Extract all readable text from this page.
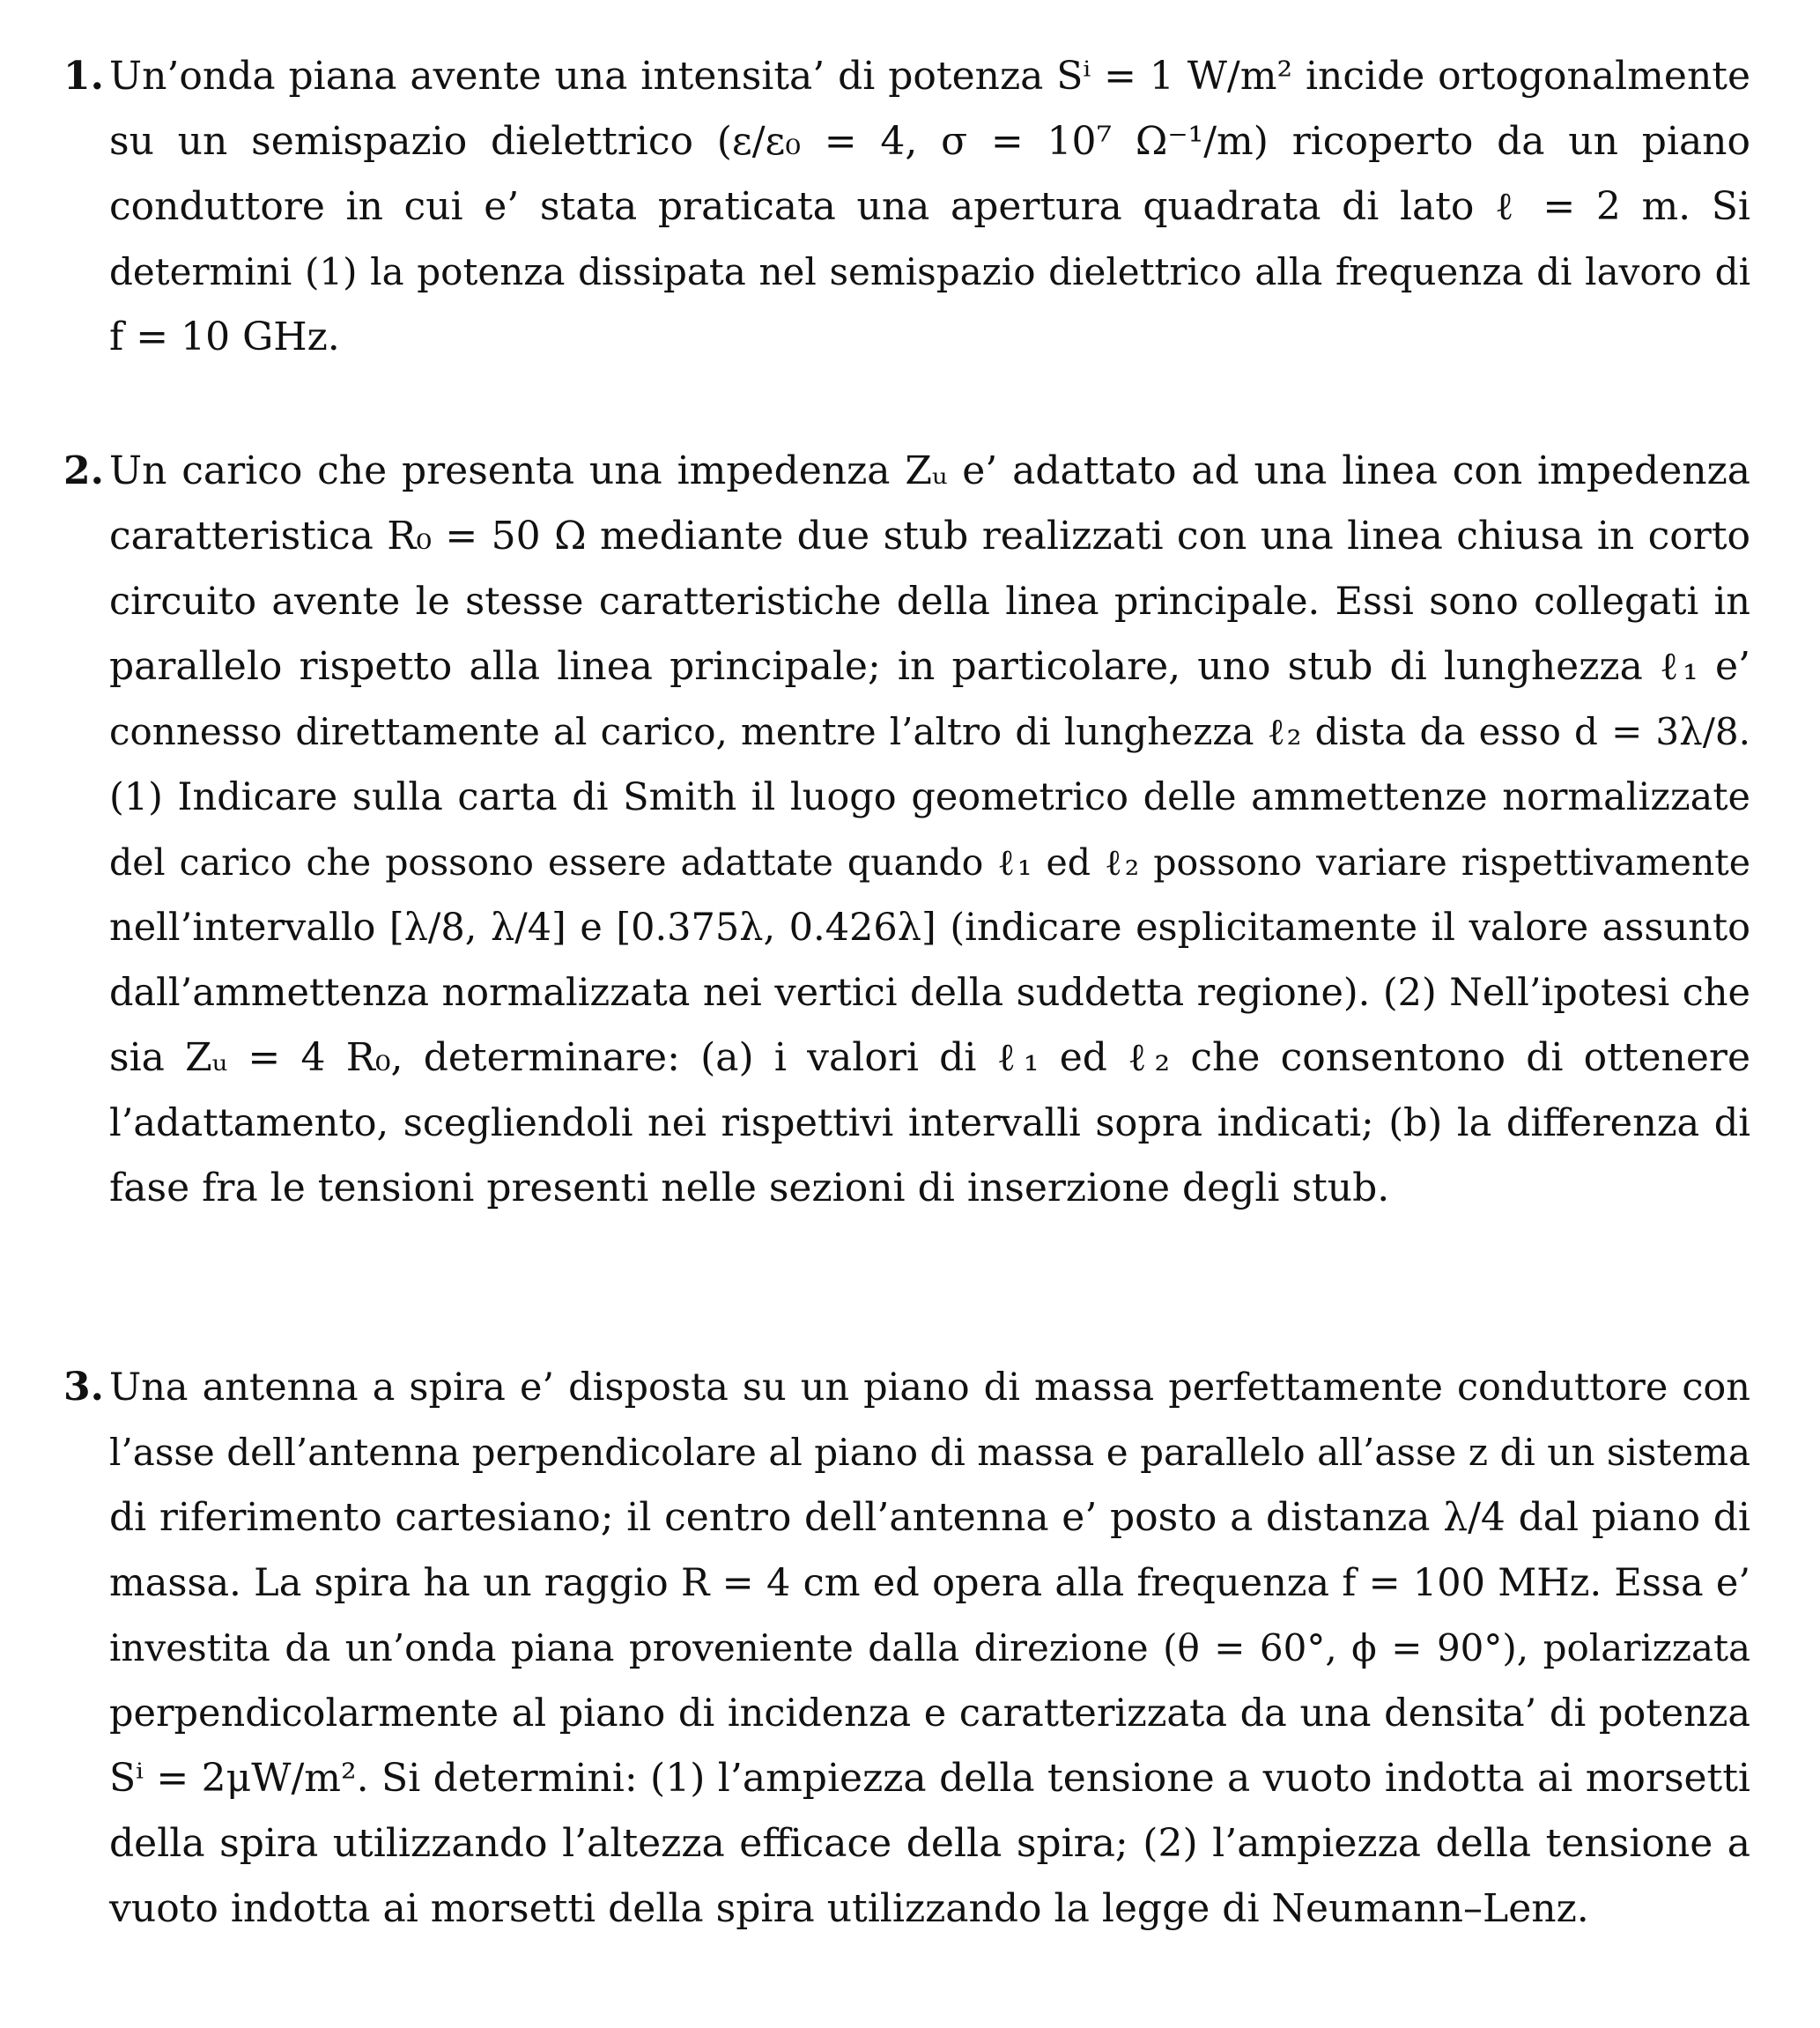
1. Un’onda piana avente una intensita’ di potenza Sⁱ = 1 W/m² incide ortogonalmente
su un semispazio dielettrico (ε/ε₀ = 4, σ = 10⁷ Ω⁻¹/m) ricoperto da un piano
conduttore in cui e’ stata praticata una apertura quadrata di lato ℓ = 2 m. Si
determini (1) la potenza dissipata nel semispazio dielettrico alla frequenza di lavoro di
f = 10 GHz.
2. Un carico che presenta una impedenza Zᵤ e’ adattato ad una linea con impedenza
caratteristica R₀ = 50 Ω mediante due stub realizzati con una linea chiusa in corto
circuito avente le stesse caratteristiche della linea principale. Essi sono collegati in
parallelo rispetto alla linea principale; in particolare, uno stub di lunghezza ℓ₁ e’
connesso direttamente al carico, mentre l’altro di lunghezza ℓ₂ dista da esso d = 3λ/8.
(1) Indicare sulla carta di Smith il luogo geometrico delle ammettenze normalizzate
del carico che possono essere adattate quando ℓ₁ ed ℓ₂ possono variare rispettivamente
nell’intervallo [λ/8, λ/4] e [0.375λ, 0.426λ] (indicare esplicitamente il valore assunto
dall’ammettenza normalizzata nei vertici della suddetta regione). (2) Nell’ipotesi che
sia Zᵤ = 4 R₀, determinare: (a) i valori di ℓ₁ ed ℓ₂ che consentono di ottenere
l’adattamento, scegliendoli nei rispettivi intervalli sopra indicati; (b) la differenza di
fase fra le tensioni presenti nelle sezioni di inserzione degli stub.
3. Una antenna a spira e’ disposta su un piano di massa perfettamente conduttore con
l’asse dell’antenna perpendicolare al piano di massa e parallelo all’asse z di un sistema
di riferimento cartesiano; il centro dell’antenna e’ posto a distanza λ/4 dal piano di
massa. La spira ha un raggio R = 4 cm ed opera alla frequenza f = 100 MHz. Essa e’
investita da un’onda piana proveniente dalla direzione (θ = 60°, ϕ = 90°), polarizzata
perpendicolarmente al piano di incidenza e caratterizzata da una densita’ di potenza
Sⁱ = 2μW/m². Si determini: (1) l’ampiezza della tensione a vuoto indotta ai morsetti
della spira utilizzando l’altezza efficace della spira; (2) l’ampiezza della tensione a
vuoto indotta ai morsetti della spira utilizzando la legge di Neumann–Lenz.
